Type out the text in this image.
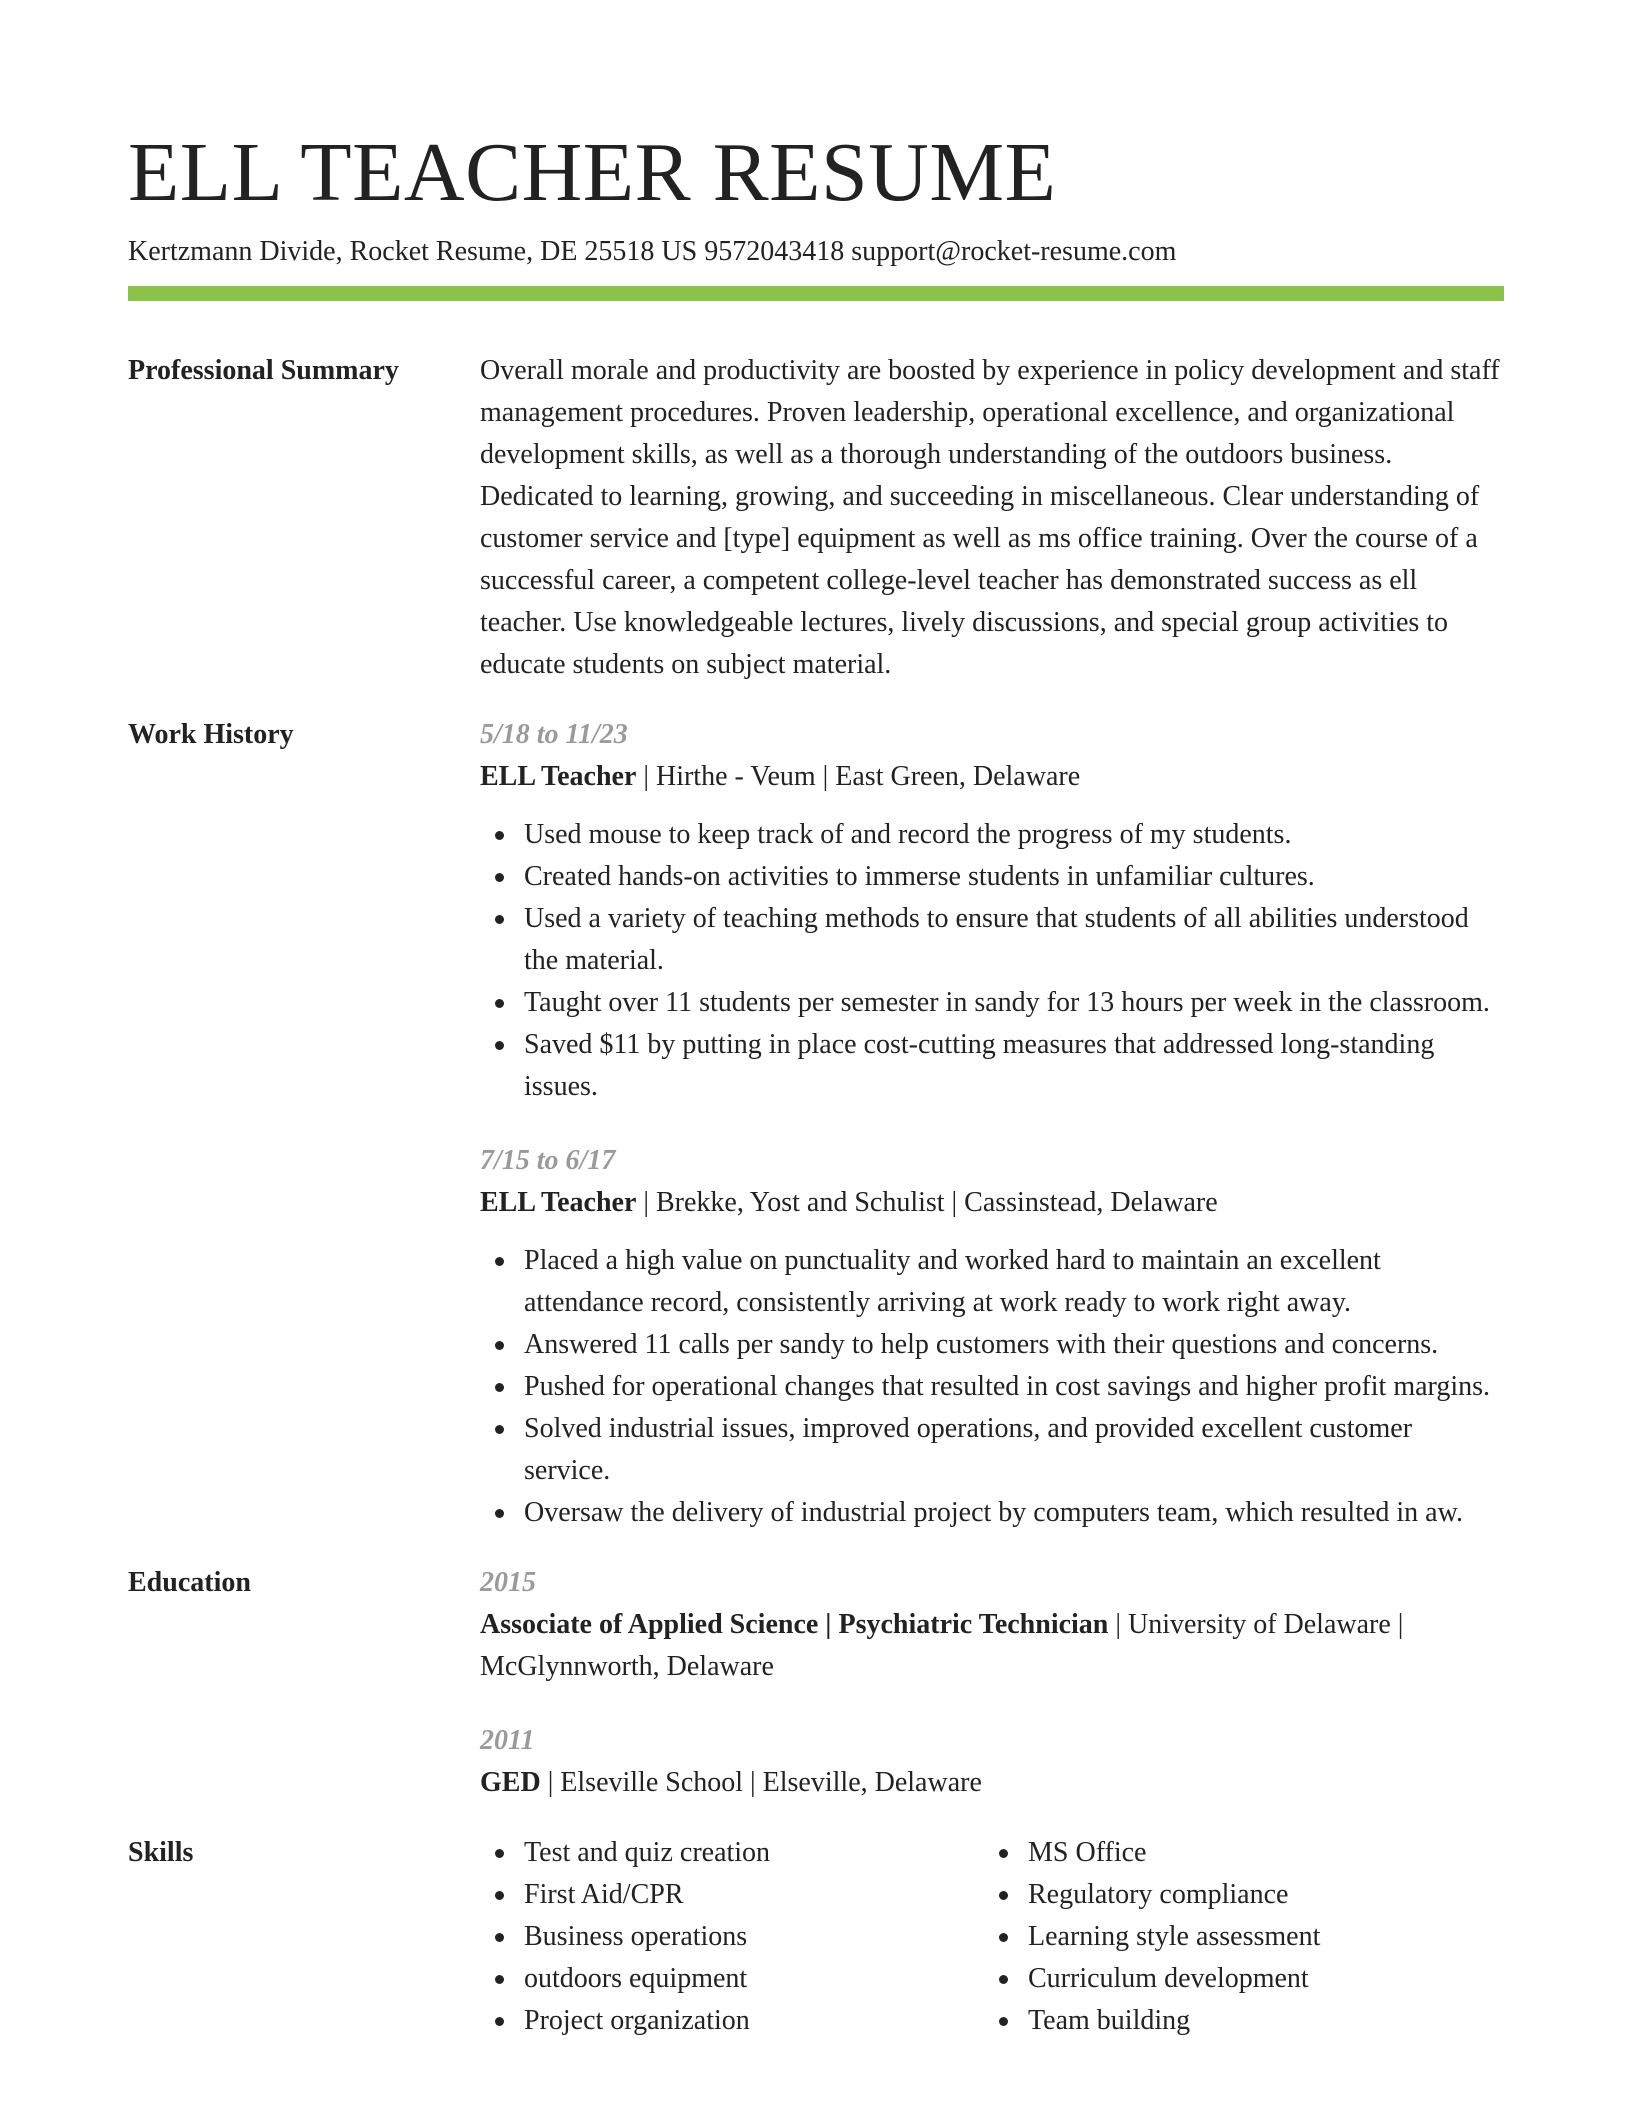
ELL TEACHER RESUME
Kertzmann Divide, Rocket Resume, DE 25518 US 9572043418 support@rocket-resume.com
Professional Summary	Overall morale and productivity are boosted by experience in policy development and staff management procedures. Proven leadership, operational excellence, and organizational development skills, as well as a thorough understanding of the outdoors business. Dedicated to learning, growing, and succeeding in miscellaneous. Clear understanding of customer service and [type] equipment as well as ms office training. Over the course of a successful career, a competent college-level teacher has demonstrated success as ell teacher. Use knowledgeable lectures, lively discussions, and special group activities to educate students on subject material.

Work History	5/18 to 11/23
ELL Teacher | Hirthe - Veum | East Green, Delaware
Used mouse to keep track of and record the progress of my students.
Created hands-on activities to immerse students in unfamiliar cultures.
Used a variety of teaching methods to ensure that students of all abilities understood the material.
Taught over 11 students per semester in sandy for 13 hours per week in the classroom.
Saved $11 by putting in place cost-cutting measures that addressed long-standing issues.
7/15 to 6/17
ELL Teacher | Brekke, Yost and Schulist | Cassinstead, Delaware
Placed a high value on punctuality and worked hard to maintain an excellent attendance record, consistently arriving at work ready to work right away.
Answered 11 calls per sandy to help customers with their questions and concerns.
Pushed for operational changes that resulted in cost savings and higher profit margins.
Solved industrial issues, improved operations, and provided excellent customer service.
Oversaw the delivery of industrial project by computers team, which resulted in aw.
Education	2015
Associate of Applied Science | Psychiatric Technician | University of Delaware | McGlynnworth, Delaware
2011
GED | Elseville School | Elseville, Delaware
Skills	Test and quiz creation
First Aid/CPR
Business operations
outdoors equipment
Project organization
MS Office
Regulatory compliance
Learning style assessment
Curriculum development
Team building
